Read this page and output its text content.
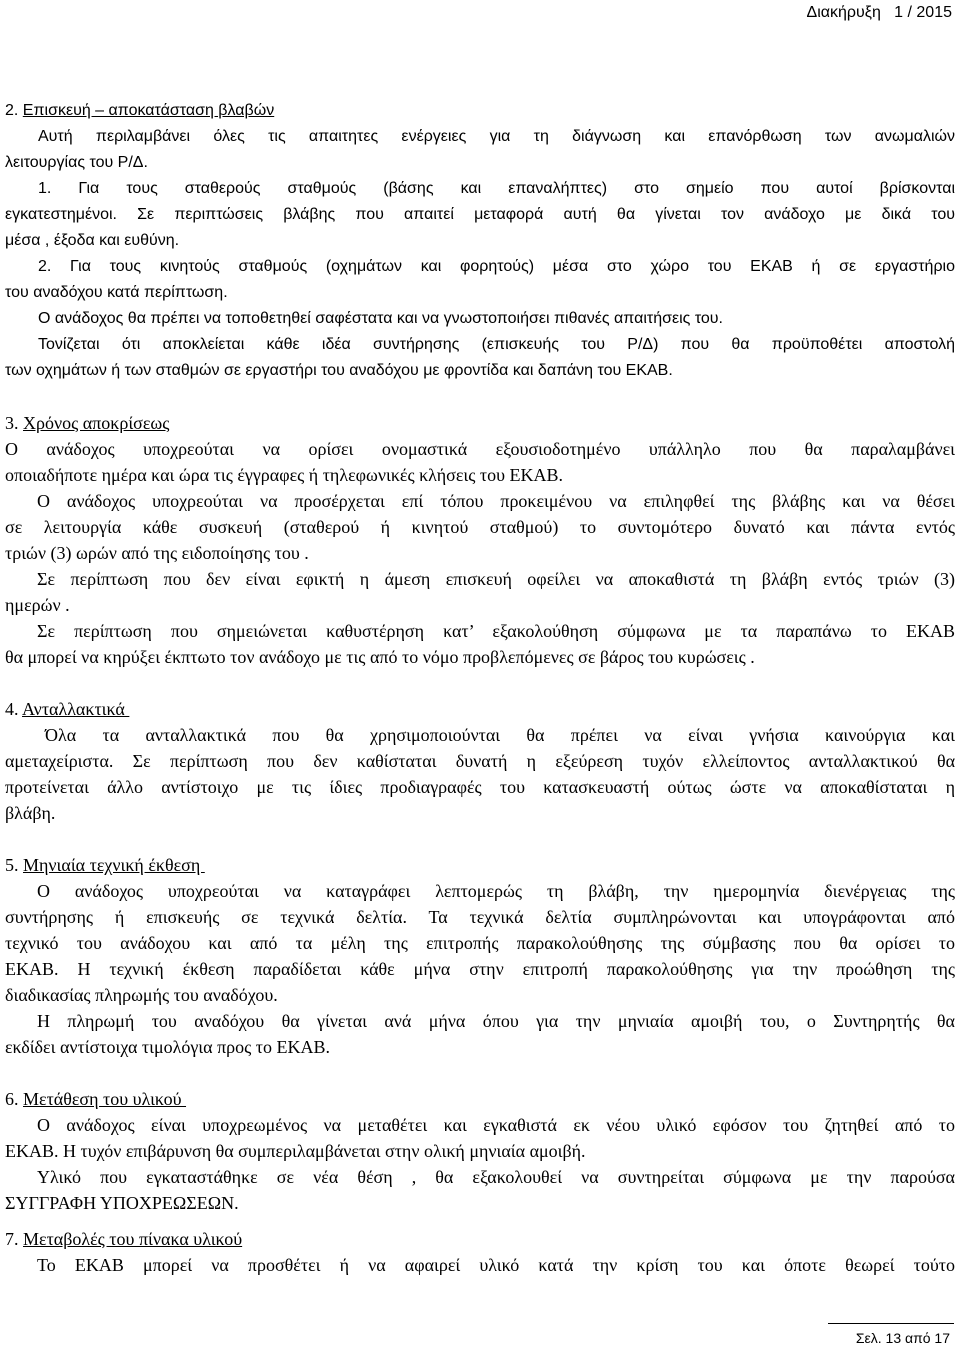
Διακήρυξη   1 / 2015

2. Επισκευή – αποκατάσταση βλαβών

Αυτή περιλαμβάνει όλες τις απαιτητες ενέργειες για τη διάγνωση και επανόρθωση των ανωμαλιών

λειτουργίας του Ρ/Δ.

1. Για τους σταθερούς σταθμούς (βάσης και επαναλήπτες) στο σημείο που αυτοί βρίσκονται

εγκατεστημένοι. Σε περιπτώσεις βλάβης που απαιτεί μεταφορά αυτή θα γίνεται τον ανάδοχο με δικά του

μέσα , έξοδα και ευθύνη.

2. Για τους κινητούς σταθμούς (οχημάτων και φορητούς) μέσα στο χώρο του ΕΚΑΒ ή σε εργαστήριο

του αναδόχου κατά περίπτωση.

Ο ανάδοχος θα πρέπει να τοποθετηθεί σαφέστατα και να γνωστοποιήσει πιθανές απαιτήσεις του.

Τονίζεται ότι αποκλείεται κάθε ιδέα συντήρησης (επισκευής του Ρ/Δ) που θα προϋποθέτει αποστολή

των οχημάτων ή των σταθμών σε εργαστήρι του αναδόχου με φροντίδα και δαπάνη του ΕΚΑΒ.

3. Χρόνος αποκρίσεως

Ο ανάδοχος υποχρεούται να ορίσει ονομαστικά εξουσιοδοτημένο υπάλληλο που θα παραλαμβάνει

οποιαδήποτε ημέρα και ώρα τις έγγραφες ή τηλεφωνικές κλήσεις του ΕΚΑΒ.

Ο ανάδοχος υποχρεούται να προσέρχεται επί τόπου προκειμένου να επιληφθεί της βλάβης και να θέσει

σε λειτουργία κάθε συσκευή (σταθερού ή κινητού σταθμού) το συντομότερο δυνατό και πάντα εντός

τριών (3) ωρών από της ειδοποίησης του .

Σε περίπτωση που δεν είναι εφικτή η άμεση επισκευή οφείλει να αποκαθιστά τη βλάβη εντός τριών (3)

ημερών .

Σε περίπτωση που σημειώνεται καθυστέρηση κατ’ εξακολούθηση σύμφωνα με τα παραπάνω το ΕΚΑΒ

θα μπορεί να κηρύξει έκπτωτο τον ανάδοχο με τις από το νόμο προβλεπόμενες σε βάρος του κυρώσεις .

4. Ανταλλακτικά

Όλα τα ανταλλακτικά που θα χρησιμοποιούνται θα πρέπει να είναι γνήσια καινούργια και

αμεταχείριστα. Σε περίπτωση που δεν καθίσταται δυνατή η εξεύρεση τυχόν ελλείποντος ανταλλακτικού θα

προτείνεται άλλο αντίστοιχο με τις ίδιες προδιαγραφές του κατασκευαστή ούτως ώστε να αποκαθίσταται η

βλάβη.

5. Μηνιαία τεχνική έκθεση

Ο ανάδοχος υποχρεούται να καταγράφει λεπτομερώς τη βλάβη, την ημερομηνία διενέργειας της

συντήρησης ή επισκευής σε τεχνικά δελτία. Τα τεχνικά δελτία συμπληρώνονται και υπογράφονται από

τεχνικό του ανάδοχου και από τα μέλη της επιτροπής παρακολούθησης της σύμβασης που θα ορίσει το

ΕΚΑΒ. Η τεχνική έκθεση παραδίδεται κάθε μήνα στην επιτροπή παρακολούθησης για την προώθηση της

διαδικασίας πληρωμής του αναδόχου.

Η πληρωμή του αναδόχου θα γίνεται ανά μήνα όπου για την μηνιαία αμοιβή του, ο Συντηρητής θα

εκδίδει αντίστοιχα τιμολόγια προς το ΕΚΑΒ.

6. Μετάθεση του υλικού

Ο ανάδοχος είναι υποχρεωμένος να μεταθέτει και εγκαθιστά εκ νέου υλικό εφόσον του ζητηθεί από το

ΕΚΑΒ. Η τυχόν επιβάρυνση θα συμπεριλαμβάνεται στην ολική μηνιαία αμοιβή.

Υλικό που εγκαταστάθηκε σε νέα θέση , θα εξακολουθεί να συντηρείται σύμφωνα με την παρούσα

ΣΥΓΓΡΑΦΗ ΥΠΟΧΡΕΩΣΕΩΝ.

7. Μεταβολές του πίνακα υλικού

Το ΕΚΑΒ μπορεί να προσθέτει ή να αφαιρεί υλικό κατά την κρίση του και όποτε θεωρεί τούτο

Σελ. 13 από 17
